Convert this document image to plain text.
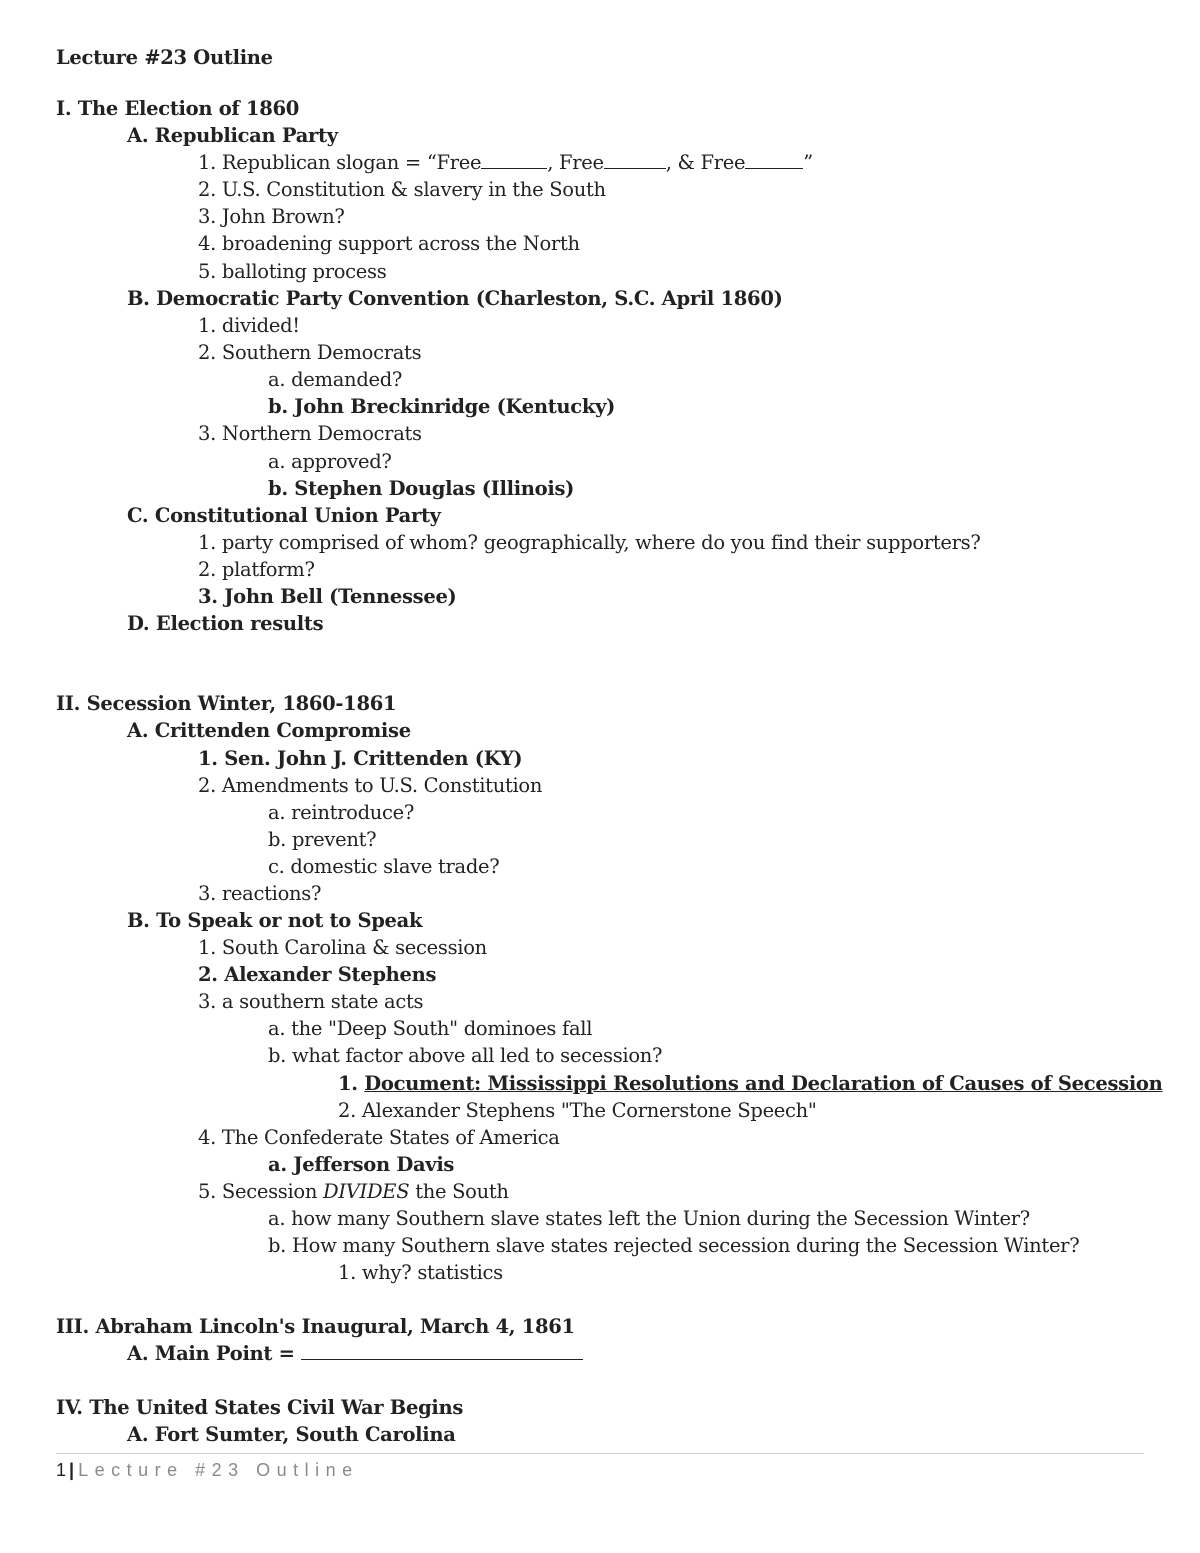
Lecture #23 Outline
I. The Election of 1860
A. Republican Party
1. Republican slogan = “Free	, Free	, & Free	”
2. U.S. Constitution & slavery in the South
3. John Brown?
4. broadening support across the North
5. balloting process
B. Democratic Party Convention (Charleston, S.C. April 1860)
1. divided!
2. Southern Democrats
a. demanded?
b. John Breckinridge (Kentucky)
3. Northern Democrats
a. approved?
b. Stephen Douglas (Illinois)
C. Constitutional Union Party
1. party comprised of whom? geographically, where do you find their supporters?
2. platform?
3. John Bell (Tennessee)
D. Election results
II. Secession Winter, 1860-1861
A. Crittenden Compromise
1. Sen. John J. Crittenden (KY)
2. Amendments to U.S. Constitution
a. reintroduce?
b. prevent?
c. domestic slave trade?
3. reactions?
B. To Speak or not to Speak
1. South Carolina & secession
2. Alexander Stephens
3. a southern state acts
a. the "Deep South" dominoes fall
b. what factor above all led to secession?
1. Document: Mississippi Resolutions and Declaration of Causes of Secession
2. Alexander Stephens "The Cornerstone Speech"
4. The Confederate States of America
a. Jefferson Davis
5. Secession DIVIDES the South
a. how many Southern slave states left the Union during the Secession Winter?
b. How many Southern slave states rejected secession during the Secession Winter?
1. why? statistics
III. Abraham Lincoln's Inaugural, March 4, 1861
A. Main Point =
IV. The United States Civil War Begins
A. Fort Sumter, South Carolina
1 | Lecture #23 Outline
